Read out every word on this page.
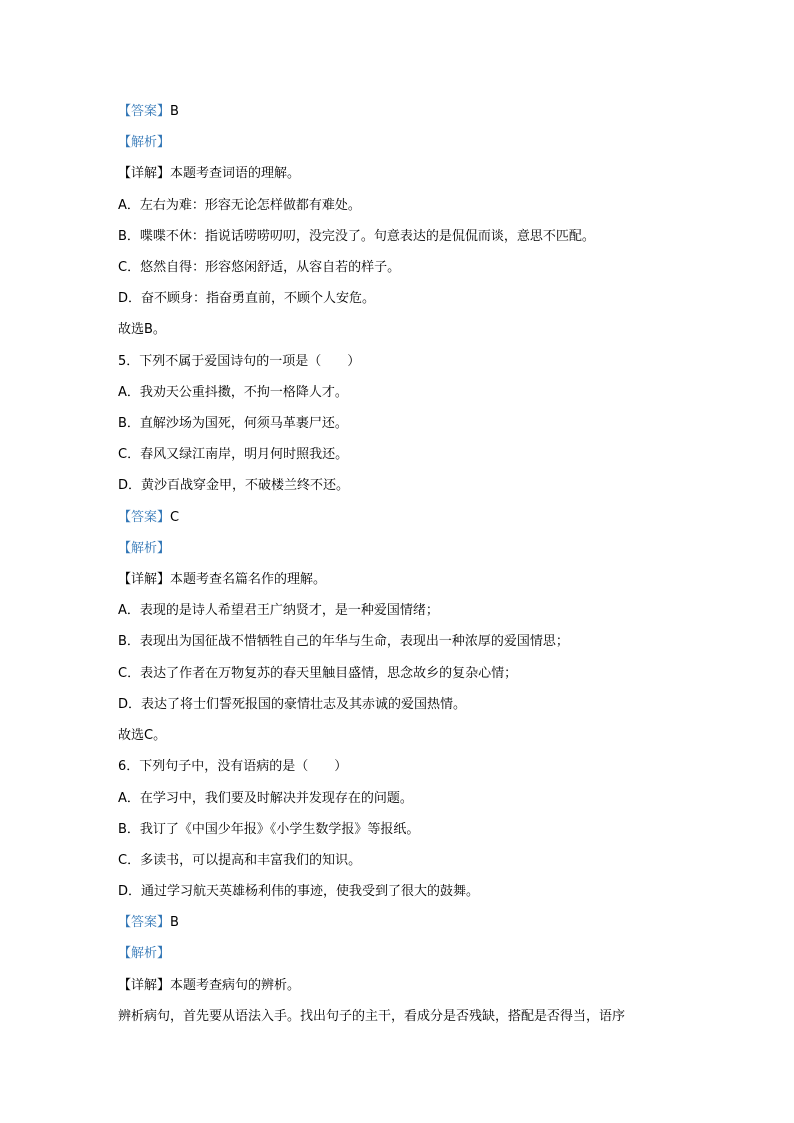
【答案】B
【解析】
【详解】本题考查词语的理解。
A．左右为难：形容无论怎样做都有难处。
B．喋喋不休：指说话唠唠叨叨，没完没了。句意表达的是侃侃而谈，意思不匹配。
C．悠然自得：形容悠闲舒适，从容自若的样子。
D．奋不顾身：指奋勇直前，不顾个人安危。
故选B。
5．下列不属于爱国诗句的一项是（　　）
A．我劝天公重抖擞，不拘一格降人才。
B．直解沙场为国死，何须马革裹尸还。
C．春风又绿江南岸，明月何时照我还。
D．黄沙百战穿金甲，不破楼兰终不还。
【答案】C
【解析】
【详解】本题考查名篇名作的理解。
A．表现的是诗人希望君王广纳贤才，是一种爱国情绪；
B．表现出为国征战不惜牺牲自己的年华与生命，表现出一种浓厚的爱国情思；
C．表达了作者在万物复苏的春天里触目盛情，思念故乡的复杂心情；
D．表达了将士们誓死报国的豪情壮志及其赤诚的爱国热情。
故选C。
6．下列句子中，没有语病的是（　　）
A．在学习中，我们要及时解决并发现存在的问题。
B．我订了《中国少年报》《小学生数学报》等报纸。
C．多读书，可以提高和丰富我们的知识。
D．通过学习航天英雄杨利伟的事迹，使我受到了很大的鼓舞。
【答案】B
【解析】
【详解】本题考查病句的辨析。
辨析病句，首先要从语法入手。找出句子的主干，看成分是否残缺，搭配是否得当，语序
